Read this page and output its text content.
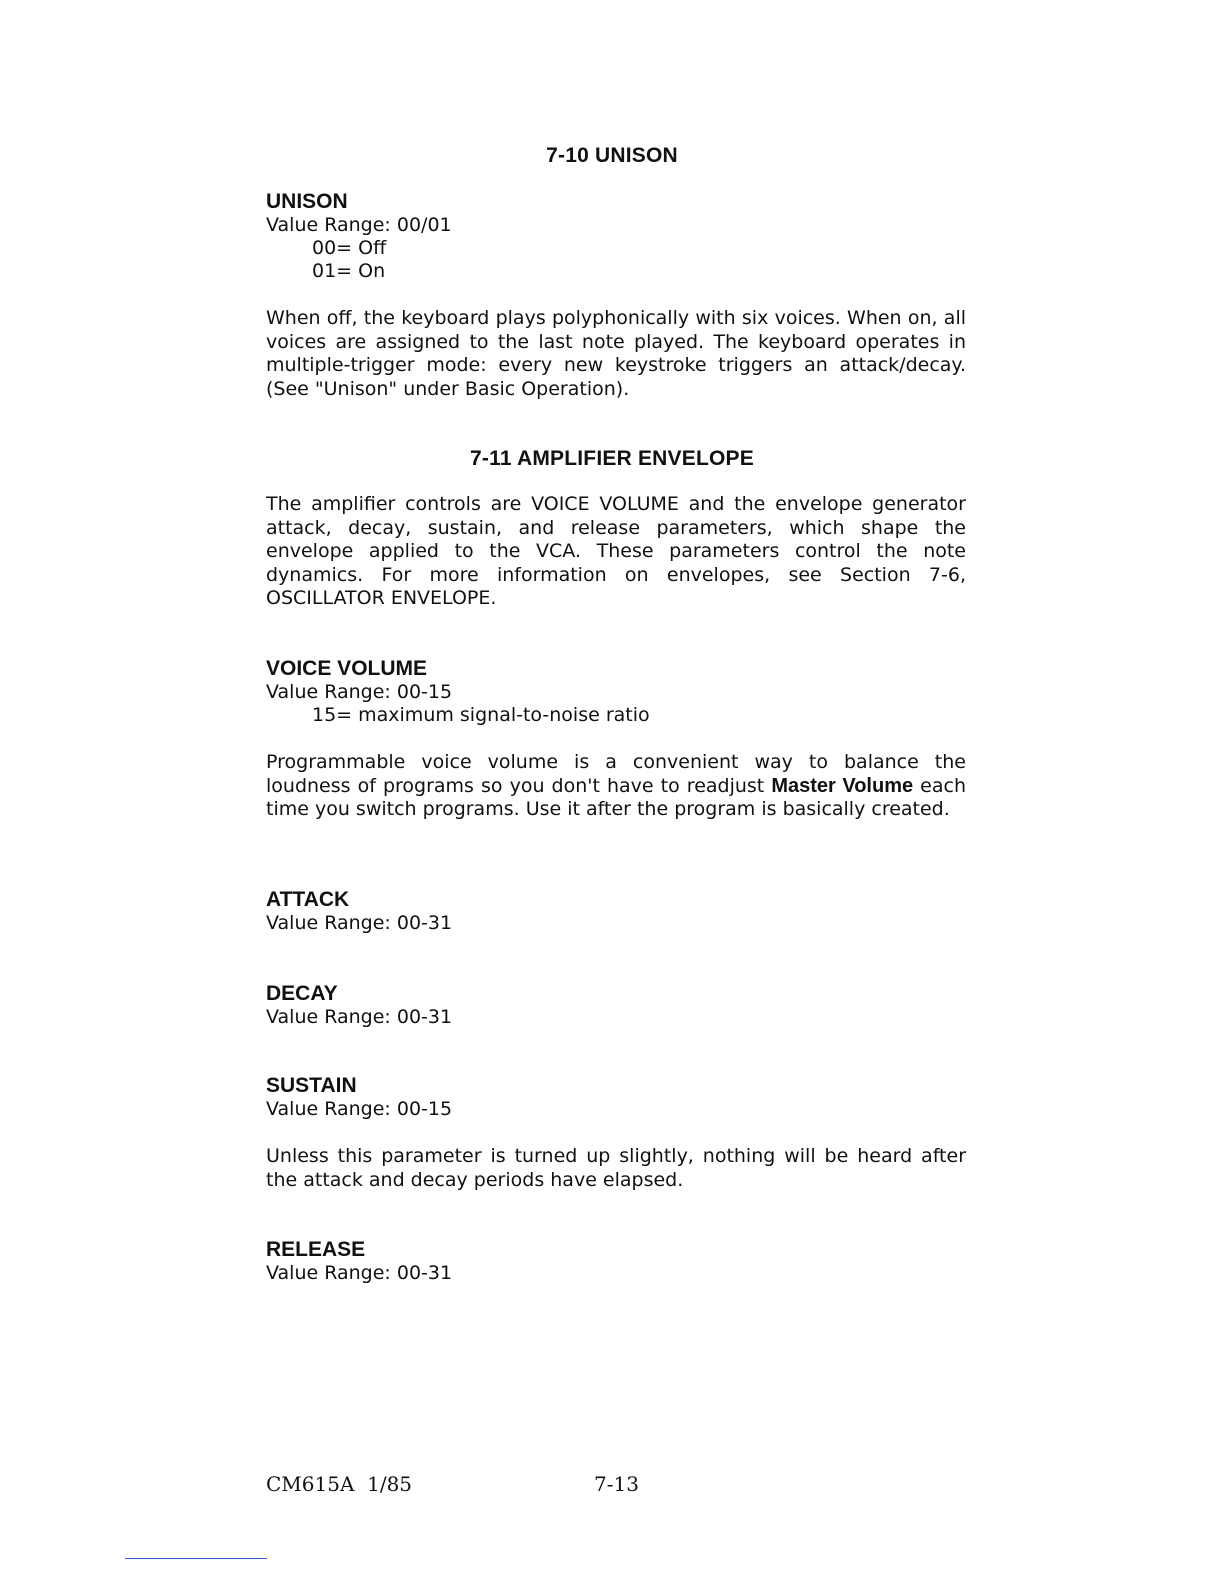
7-10 UNISON
UNISON
Value Range: 00/01
00= Off
01= On

When off, the keyboard plays polyphonically with six voices. When on, all voices are assigned to the last note played. The keyboard operates in multiple-trigger mode: every new keystroke triggers an attack/decay. (See "Unison" under Basic Operation).

7-11 AMPLIFIER ENVELOPE

The amplifier controls are VOICE VOLUME and the envelope generator attack, decay, sustain, and release parameters, which shape the envelope applied to the VCA. These parameters control the note dynamics. For more information on envelopes, see Section 7-6, OSCILLATOR ENVELOPE.

VOICE VOLUME
Value Range: 00-15
15= maximum signal-to-noise ratio

Programmable voice volume is a convenient way to balance the loudness of programs so you don't have to readjust Master Volume each time you switch programs. Use it after the program is basically created.

ATTACK
Value Range: 00-31
DECAY
Value Range: 00-31
SUSTAIN
Value Range: 00-15

Unless this parameter is turned up slightly, nothing will be heard after the attack and decay periods have elapsed.

RELEASE
Value Range: 00-31
CM615A  1/85	7-13
